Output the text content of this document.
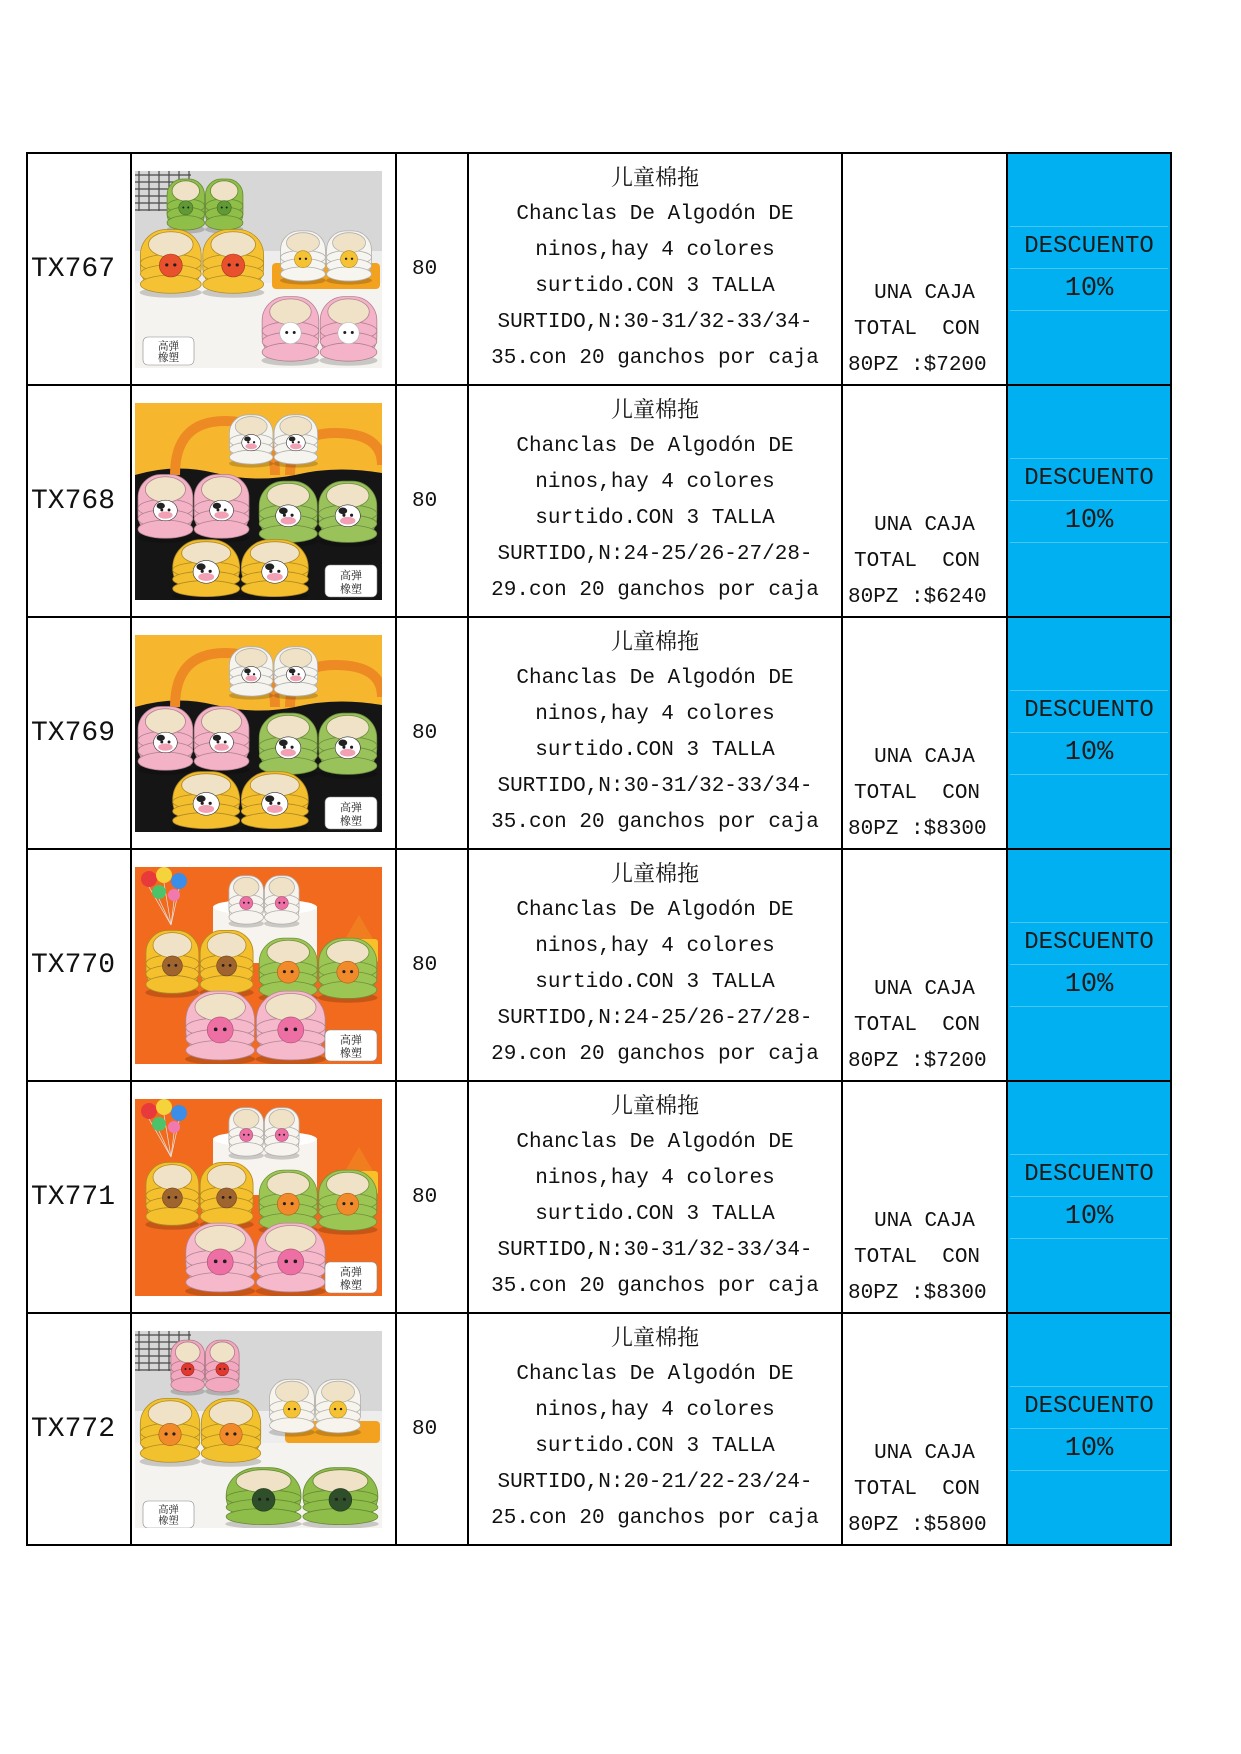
TX767
高弹
橡塑
80
儿童棉拖
Chanclas De Algodón DE
ninos,hay 4 colores
surtido.CON 3 TALLA
SURTIDO,N:30-31/32-33/34-
35.con 20 ganchos por caja
UNA CAJA
TOTAL  CON
80PZ :$7200
DESCUENTO
10%
TX768
高弹
橡塑
80
儿童棉拖
Chanclas De Algodón DE
ninos,hay 4 colores
surtido.CON 3 TALLA
SURTIDO,N:24-25/26-27/28-
29.con 20 ganchos por caja
UNA CAJA
TOTAL  CON
80PZ :$6240
DESCUENTO
10%
TX769
高弹
橡塑
80
儿童棉拖
Chanclas De Algodón DE
ninos,hay 4 colores
surtido.CON 3 TALLA
SURTIDO,N:30-31/32-33/34-
35.con 20 ganchos por caja
UNA CAJA
TOTAL  CON
80PZ :$8300
DESCUENTO
10%
TX770
高弹
橡塑
80
儿童棉拖
Chanclas De Algodón DE
ninos,hay 4 colores
surtido.CON 3 TALLA
SURTIDO,N:24-25/26-27/28-
29.con 20 ganchos por caja
UNA CAJA
TOTAL  CON
80PZ :$7200
DESCUENTO
10%
TX771
高弹
橡塑
80
儿童棉拖
Chanclas De Algodón DE
ninos,hay 4 colores
surtido.CON 3 TALLA
SURTIDO,N:30-31/32-33/34-
35.con 20 ganchos por caja
UNA CAJA
TOTAL  CON
80PZ :$8300
DESCUENTO
10%
TX772
高弹
橡塑
80
儿童棉拖
Chanclas De Algodón DE
ninos,hay 4 colores
surtido.CON 3 TALLA
SURTIDO,N:20-21/22-23/24-
25.con 20 ganchos por caja
UNA CAJA
TOTAL  CON
80PZ :$5800
DESCUENTO
10%
